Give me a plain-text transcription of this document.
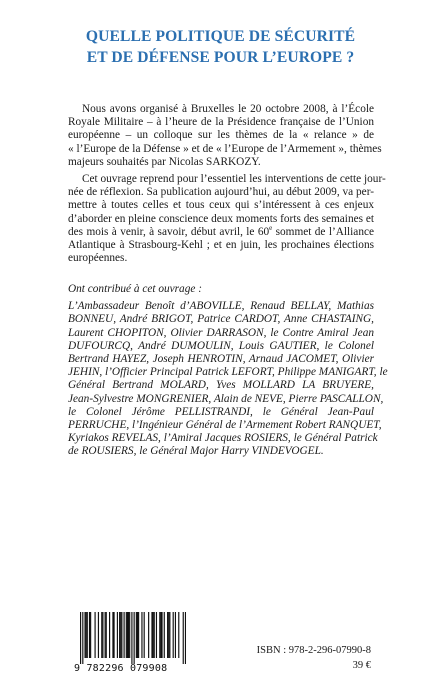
QUELLE POLITIQUE DE SÉCURITÉ
ET DE DÉFENSE POUR L’EUROPE ?
Nous avons organisé à Bruxelles le 20 octobre 2008, à l’École
Royale Militaire – à l’heure de la Présidence française de l’Union
européenne – un colloque sur les thèmes de la « relance » de
« l’Europe de la Défense » et de « l’Europe de l’Armement », thèmes
majeurs souhaités par Nicolas SARKOZY.
Cet ouvrage reprend pour l’essentiel les interventions de cette jour-
née de réflexion. Sa publication aujourd’hui, au début 2009, va per-
mettre à toutes celles et tous ceux qui s’intéressent à ces enjeux
d’aborder en pleine conscience deux moments forts des semaines et
des mois à venir, à savoir, début avril, le 60e sommet de l’Alliance
Atlantique à Strasbourg-Kehl ; et en juin, les prochaines élections
européennes.
Ont contribué à cet ouvrage :
L’Ambassadeur Benoît d’ABOVILLE, Renaud BELLAY, Mathias
BONNEU, André BRIGOT, Patrice CARDOT, Anne CHASTAING,
Laurent CHOPITON, Olivier DARRASON, le Contre Amiral Jean
DUFOURCQ, André DUMOULIN, Louis GAUTIER, le Colonel
Bertrand HAYEZ, Joseph HENROTIN, Arnaud JACOMET, Olivier
JEHIN, l’Officier Principal Patrick LEFORT, Philippe MANIGART, le
Général Bertrand MOLARD, Yves MOLLARD LA BRUYERE,
Jean-Sylvestre MONGRENIER, Alain de NEVE, Pierre PASCALLON,
le Colonel Jérôme PELLISTRANDI, le Général Jean-Paul
PERRUCHE, l’Ingénieur Général de l’Armement Robert RANQUET,
Kyriakos REVELAS, l’Amiral Jacques ROSIERS, le Général Patrick
de ROUSIERS, le Général Major Harry VINDEVOGEL.
9 782296 079908
ISBN : 978-2-296-07990-8
39 €
